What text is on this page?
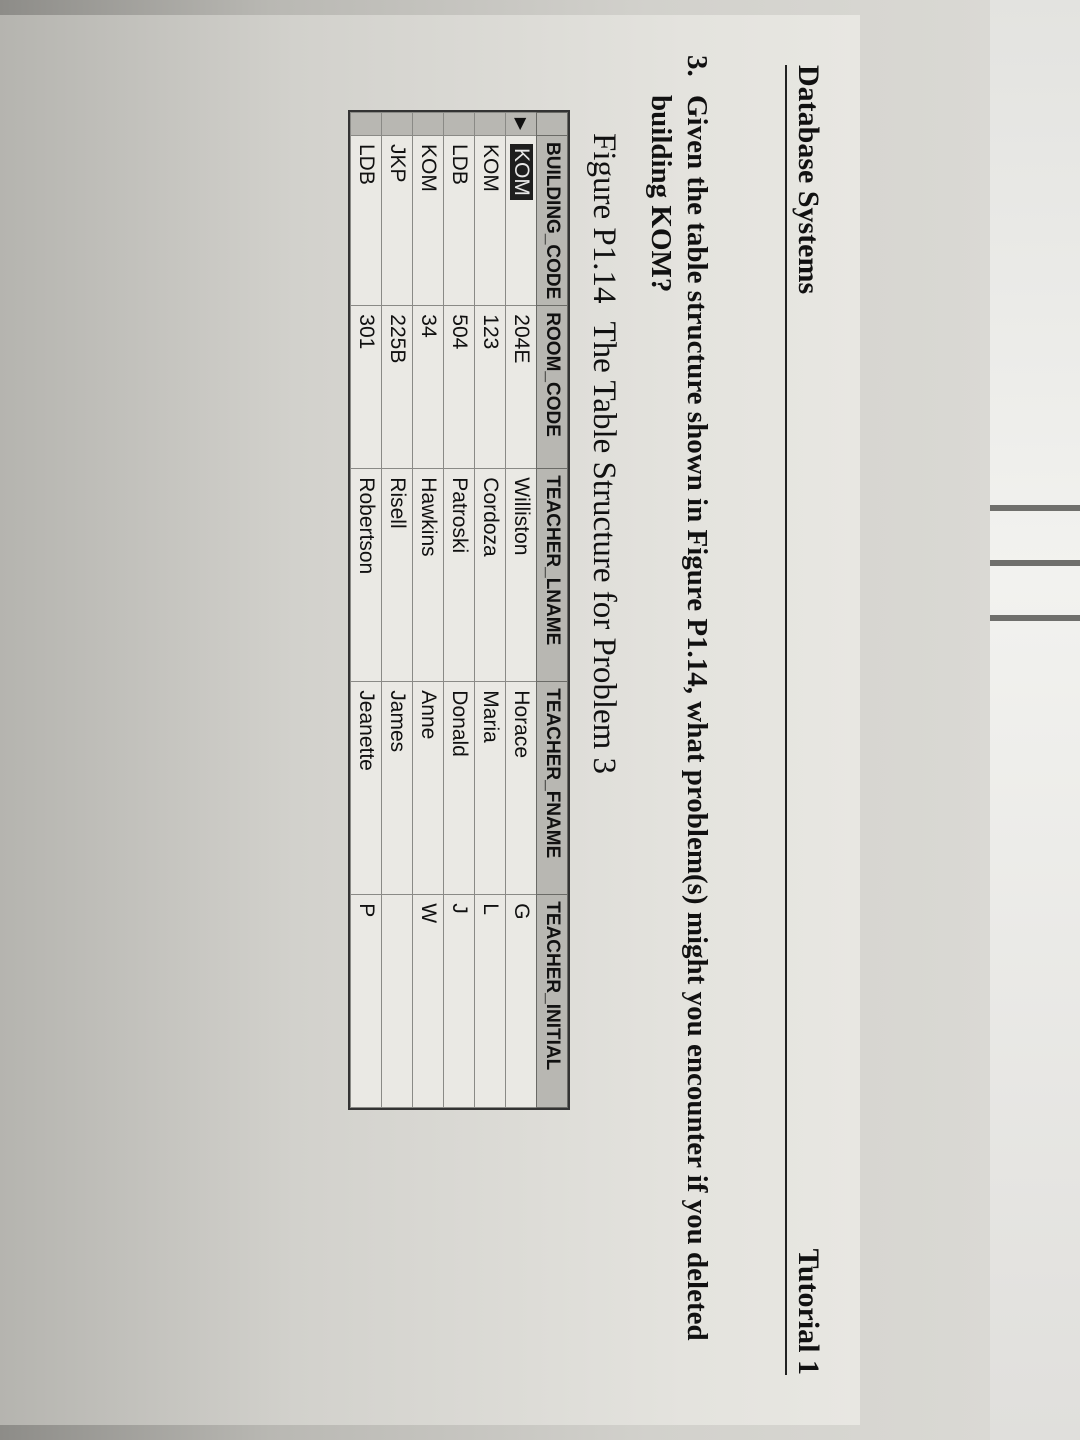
Database Systems
Tutorial 1
3.
Given the table structure shown in Figure P1.14, what problem(s) might you encounter if you deleted building KOM?
Figure P1.14The Table Structure for Problem 3
	BUILDING_CODE	ROOM_CODE	TEACHER_LNAME	TEACHER_FNAME	TEACHER_INITIAL
▶	KOM	204E	Williston	Horace	G
	KOM	123	Cordoza	Maria	L
	LDB	504	Patroski	Donald	J
	KOM	34	Hawkins	Anne	W
	JKP	225B	Risell	James	
	LDB	301	Robertson	Jeanette	P
